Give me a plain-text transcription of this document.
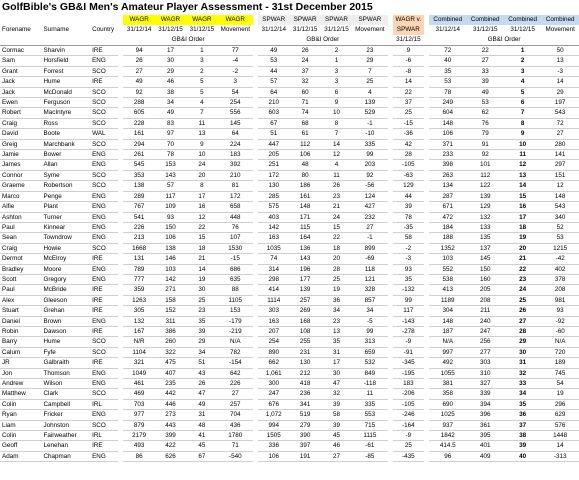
GolfBible's GB&I Men's Amateur Player Assessment - 31st December 2015
				WAGR	WAGR	WAGR	WAGR		SPWAR	SPWAR	SPWAR	SPWAR		WAGR v.		Combined	Combined	Combined	Combined
Forename	Surname	Country		31/12/14	31/12/15	31/12/15	Movement		31/12/14	31/12/15	31/12/15	Movement		SPWAR		31/12/14	31/12/15	31/12/15	Movement
				GB&I Order					GB&I Order					31/12/15		GB&I Order			
Cormac	Sharvin	IRE		94	17	1	77		49	26	2	23		9		72	22	1	50
Sam	Horsfield	ENG		26	30	3	-4		53	24	1	29		-6		40	27	2	13
Grant	Forrest	SCO		27	29	2	-2		44	37	3	7		-8		35	33	3	-3
Jack	Hume	IRE		49	46	5	3		57	32	3	25		14		53	39	4	14
Jack	McDonald	SCO		92	38	5	54		64	60	6	4		22		78	49	5	29
Ewen	Ferguson	SCO		288	34	4	254		210	71	9	139		37		249	53	6	197
Robert	MacIntyre	SCO		605	49	7	556		603	74	10	529		25		604	62	7	543
Craig	Ross	SCO		228	83	11	145		67	68	8	-1		-15		148	76	8	72
David	Boote	WAL		161	97	13	64		51	61	7	-10		-36		106	79	9	27
Greig	Marchbank	SCO		294	70	9	224		447	112	14	335		42		371	91	10	280
Jamie	Bower	ENG		261	78	10	183		205	106	12	99		28		233	92	11	141
James	Allan	ENG		545	153	24	392		251	48	4	203		-105		398	101	12	297
Connor	Syme	SCO		353	143	20	210		172	80	11	92		-63		263	112	13	151
Graeme	Robertson	SCO		138	57	8	81		130	186	26	-56		129		134	122	14	12
Marco	Penge	ENG		289	117	17	172		285	161	23	124		44		287	139	15	148
Alfie	Plant	ENG		767	109	16	658		575	148	21	427		39		671	129	16	543
Ashton	Turner	ENG		541	93	12	448		403	171	24	232		78		472	132	17	340
Paul	Kinnear	ENG		226	150	22	76		142	115	15	27		-35		184	133	18	52
Sean	Towndrow	ENG		213	106	15	107		163	164	22	-1		58		188	135	19	53
Craig	Howie	SCO		1668	138	18	1530		1035	136	18	899		-2		1352	137	20	1215
Dermot	McElroy	IRE		131	146	21	-15		74	143	20	-69		-3		103	145	21	-42
Bradley	Moore	ENG		789	103	14	686		314	196	28	118		93		552	150	22	402
Scott	Gregory	ENG		777	142	19	635		298	177	25	121		35		538	160	23	378
Paul	McBride	IRE		359	271	30	88		414	139	19	328		-132		413	205	24	208
Alex	Gleeson	IRE		1263	158	25	1105		1114	257	36	857		99		1189	208	25	981
Stuart	Grehan	IRE		305	152	23	153		303	269	34	34		117		304	211	26	93
Daniel	Brown	ENG		132	311	35	-179		163	168	23	-5		-143		148	240	27	-92
Robin	Dawson	IRE		167	386	39	-219		207	108	13	99		-278		187	247	28	-60
Barry	Hume	SCO		N/R	260	29	N/A		254	255	35	313		-9		N/A	256	29	N/A
Calum	Fyfe	SCO		1104	322	34	782		890	231	31	659		-91		997	277	30	720
JR	Galbraith	IRE		321	475	51	-154		662	130	17	532		-345		492	303	31	189
Jon	Thomson	ENG		1049	407	43	642		1,061	212	30	849		-195		1055	310	32	745
Andrew	Wilson	ENG		461	235	26	226		300	418	47	-118		183		381	327	33	54
Matthew	Clark	SCO		469	442	47	27		247	236	32	11		-206		358	339	34	19
Colin	Campbell	IRL		703	446	49	257		676	341	39	335		-105		690	394	35	296
Ryan	Fricker	ENG		977	273	31	704		1,072	519	58	553		-246		1025	396	36	629
Liam	Johnston	SCO		879	443	48	436		994	279	39	715		-164		937	361	37	576
Colin	Fairweather	IRL		2179	399	41	1780		1505	390	45	1115		-9		1842	395	38	1448
Geoff	Lenehan	IRE		493	422	45	71		336	397	46	-61		25		414.5	401	39	14
Adam	Chapman	ENG		86	626	67	-540		106	191	27	-85		-435		96	409	40	-313
